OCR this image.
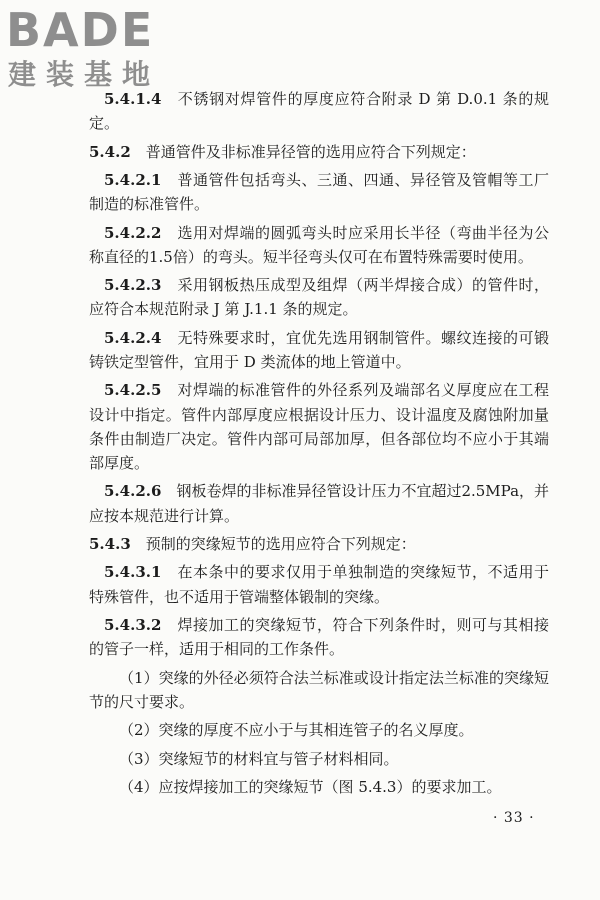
BADE
建装基地

5.4.1.4　 不锈钢对焊管件的厚度应符合附录 D 第 D.0.1 条的规定。

5.4.2　 普通管件及非标准异径管的选用应符合下列规定：

5.4.2.1　 普通管件包括弯头、三通、四通、异径管及管帽等工厂制造的标准管件。

5.4.2.2　 选用对焊端的圆弧弯头时应采用长半径（弯曲半径为公称直径的1.5倍）的弯头。短半径弯头仅可在布置特殊需要时使用。

5.4.2.3　 采用钢板热压成型及组焊（两半焊接合成）的管件时，应符合本规范附录 J 第 J.1.1 条的规定。

5.4.2.4　 无特殊要求时，宜优先选用钢制管件。螺纹连接的可锻铸铁定型管件，宜用于 D 类流体的地上管道中。

5.4.2.5　 对焊端的标准管件的外径系列及端部名义厚度应在工程设计中指定。管件内部厚度应根据设计压力、设计温度及腐蚀附加量条件由制造厂决定。管件内部可局部加厚，但各部位均不应小于其端部厚度。

5.4.2.6　 钢板卷焊的非标准异径管设计压力不宜超过2.5MPa，并应按本规范进行计算。

5.4.3　 预制的突缘短节的选用应符合下列规定：

5.4.3.1　 在本条中的要求仅用于单独制造的突缘短节，不适用于特殊管件，也不适用于管端整体锻制的突缘。

5.4.3.2　 焊接加工的突缘短节，符合下列条件时，则可与其相接的管子一样，适用于相同的工作条件。

（1）突缘的外径必须符合法兰标准或设计指定法兰标准的突缘短节的尺寸要求。

（2）突缘的厚度不应小于与其相连管子的名义厚度。

（3）突缘短节的材料宜与管子材料相同。

（4）应按焊接加工的突缘短节（图 5.4.3）的要求加工。

· 33 ·
